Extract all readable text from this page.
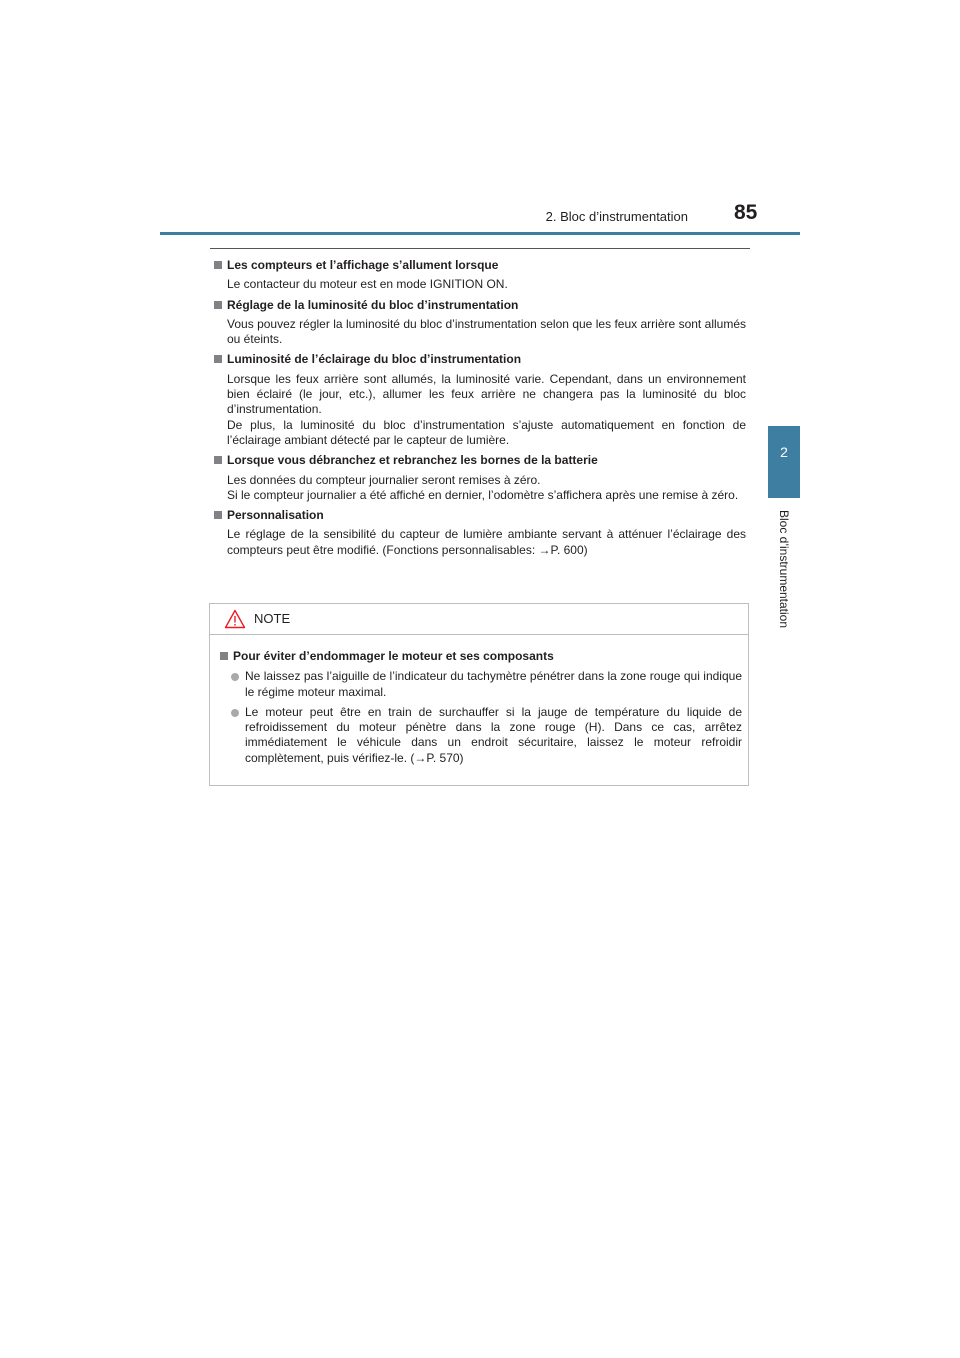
2. Bloc d’instrumentation 85
2
Bloc d’instrumentation
Les compteurs et l’affichage s’allument lorsque

Le contacteur du moteur est en mode IGNITION ON.

Réglage de la luminosité du bloc d’instrumentation

Vous pouvez régler la luminosité du bloc d’instrumentation selon que les feux arrière sont allumés ou éteints.

Luminosité de l’éclairage du bloc d’instrumentation

Lorsque les feux arrière sont allumés, la luminosité varie. Cependant, dans un environnement bien éclairé (le jour, etc.), allumer les feux arrière ne changera pas la luminosité du bloc d’instrumentation.

De plus, la luminosité du bloc d’instrumentation s’ajuste automatiquement en fonction de l’éclairage ambiant détecté par le capteur de lumière.

Lorsque vous débranchez et rebranchez les bornes de la batterie

Les données du compteur journalier seront remises à zéro.

Si le compteur journalier a été affiché en dernier, l’odomètre s’affichera après une remise à zéro.

Personnalisation

Le réglage de la sensibilité du capteur de lumière ambiante servant à atténuer l’éclairage des compteurs peut être modifié. (Fonctions personnalisables: →P. 600)

NOTE
Pour éviter d’endommager le moteur et ses composants
Ne laissez pas l’aiguille de l’indicateur du tachymètre pénétrer dans la zone rouge qui indique le régime moteur maximal.
Le moteur peut être en train de surchauffer si la jauge de température du liquide de refroidissement du moteur pénètre dans la zone rouge (H). Dans ce cas, arrêtez immédiatement le véhicule dans un endroit sécuritaire, laissez le moteur refroidir complètement, puis vérifiez-le. (→P. 570)
